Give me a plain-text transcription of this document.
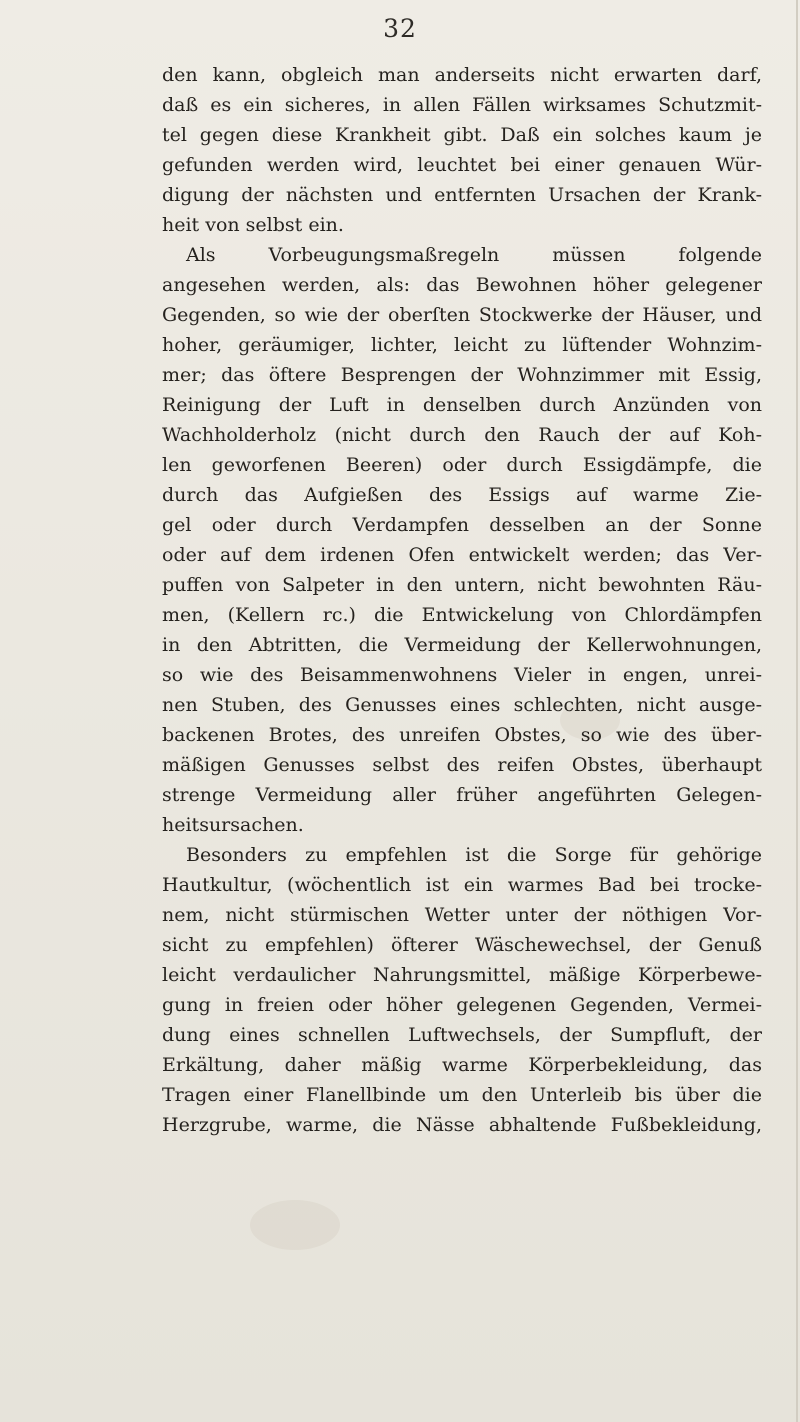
32
den kann, obgleich man anderseits nicht erwarten darf,
daß es ein sicheres, in allen Fällen wirksames Schutzmit-
tel gegen diese Krankheit gibt. Daß ein solches kaum je
gefunden werden wird, leuchtet bei einer genauen Wür-
digung der nächsten und entfernten Ursachen der Krank-
heit von selbst ein.
Als Vorbeugungsmaßregeln müssen folgende
angesehen werden, als: das Bewohnen höher gelegener
Gegenden, so wie der oberſten Stockwerke der Häuser, und
hoher, geräumiger, lichter, leicht zu lüftender Wohnzim-
mer; das öftere Besprengen der Wohnzimmer mit Essig,
Reinigung der Luft in denselben durch Anzünden von
Wachholderholz (nicht durch den Rauch der auf Koh-
len geworfenen Beeren) oder durch Essigdämpfe, die
durch das Aufgießen des Essigs auf warme Zie-
gel oder durch Verdampfen desselben an der Sonne
oder auf dem irdenen Ofen entwickelt werden; das Ver-
puffen von Salpeter in den untern, nicht bewohnten Räu-
men, (Kellern rc.) die Entwickelung von Chlordämpfen
in den Abtritten, die Vermeidung der Kellerwohnungen,
so wie des Beisammenwohnens Vieler in engen, unrei-
nen Stuben, des Genusses eines schlechten, nicht ausge-
backenen Brotes, des unreifen Obstes, so wie des über-
mäßigen Genusses selbst des reifen Obstes, überhaupt
strenge Vermeidung aller früher angeführten Gelegen-
heitsursachen.
Besonders zu empfehlen ist die Sorge für gehörige
Hautkultur, (wöchentlich ist ein warmes Bad bei trocke-
nem, nicht stürmischen Wetter unter der nöthigen Vor-
sicht zu empfehlen) öfterer Wäschewechsel, der Genuß
leicht verdaulicher Nahrungsmittel, mäßige Körperbewe-
gung in freien oder höher gelegenen Gegenden, Vermei-
dung eines schnellen Luftwechsels, der Sumpfluft, der
Erkältung, daher mäßig warme Körperbekleidung, das
Tragen einer Flanellbinde um den Unterleib bis über die
Herzgrube, warme, die Nässe abhaltende Fußbekleidung,
